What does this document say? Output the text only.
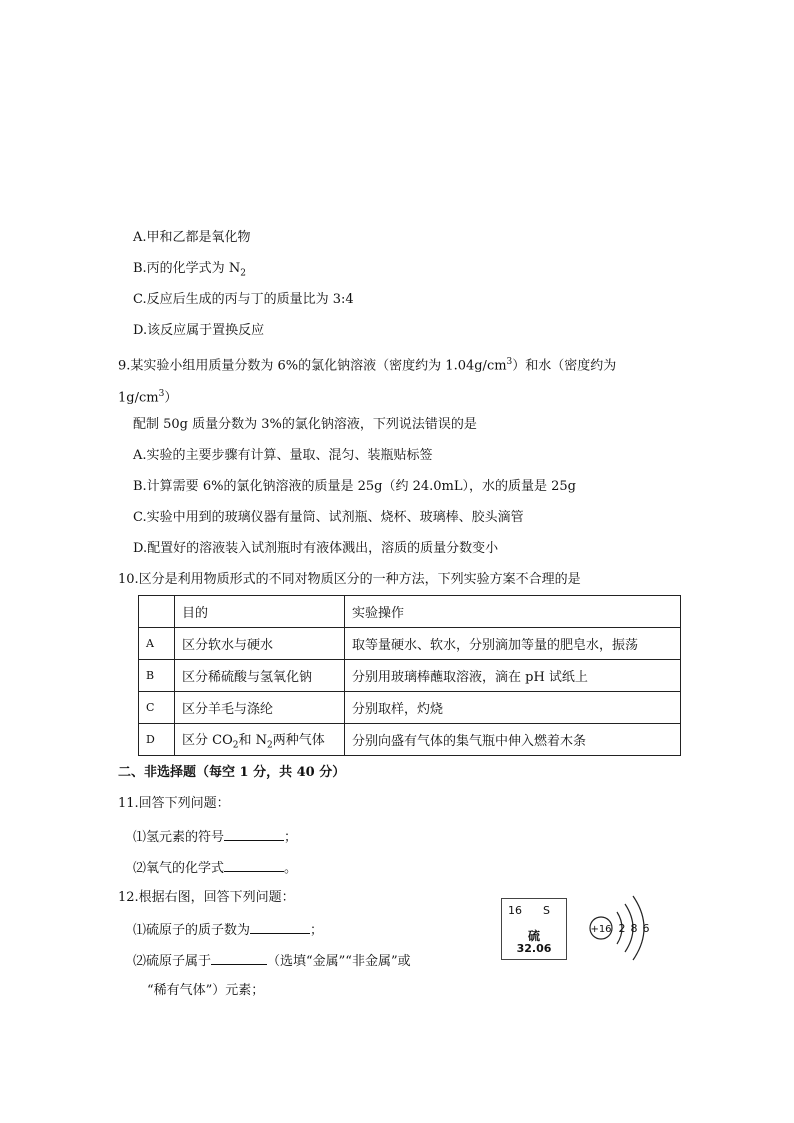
A.甲和乙都是氧化物
B.丙的化学式为 $N_2$
C.反应后生成的丙与丁的质量比为 3:4
D.该反应属于置换反应
9.某实验小组用质量分数为 6%的氯化钠溶液（密度约为 $1.04g/cm^3$）和水（密度约为
$1g/cm^3$）
配制 50g 质量分数为 3%的氯化钠溶液，下列说法错误的是
A.实验的主要步骤有计算、量取、混匀、装瓶贴标签
B.计算需要 6%的氯化钠溶液的质量是 25g（约 24.0mL），水的质量是 25g
C.实验中用到的玻璃仪器有量筒、试剂瓶、烧杯、玻璃棒、胶头滴管
D.配置好的溶液装入试剂瓶时有液体溅出，溶质的质量分数变小
10.区分是利用物质形式的不同对物质区分的一种方法，下列实验方案不合理的是
	目的	实验操作
A	区分软水与硬水	取等量硬水、软水，分别滴加等量的肥皂水，振荡
B	区分稀硫酸与氢氧化钠	分别用玻璃棒蘸取溶液，滴在 pH 试纸上
C	区分羊毛与涤纶	分别取样，灼烧
D	区分 $CO_2$和 $N_2$两种气体	分别向盛有气体的集气瓶中伸入燃着木条
二、非选择题（每空 1 分，共 40 分）
11.回答下列问题：
⑴氢元素的符号	；
⑵氧气的化学式	。
12.根据右图，回答下列问题：
⑴硫原子的质子数为	；
⑵硫原子属于	（选填“金属”“非金属”或
“稀有气体”）元素；
16 S
硫
32.06
+16 2 8 6
